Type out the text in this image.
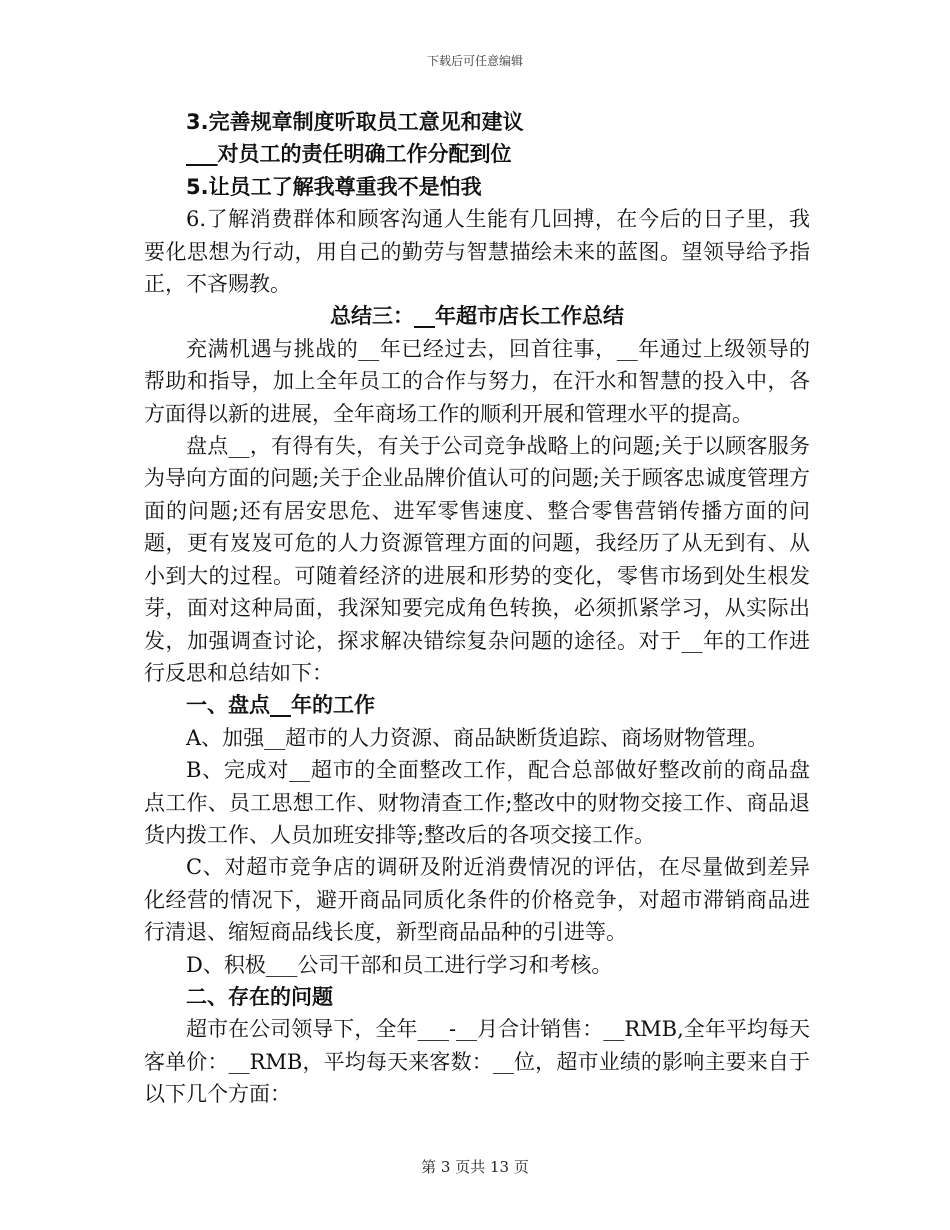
下载后可任意编辑

3.完善规章制度听取员工意见和建议

___对员工的责任明确工作分配到位

5.让员工了解我尊重我不是怕我

6.了解消费群体和顾客沟通人生能有几回搏，在今后的日子里，我要化思想为行动，用自己的勤劳与智慧描绘未来的蓝图。望领导给予指正，不吝赐教。

总结三：__年超市店长工作总结

充满机遇与挑战的__年已经过去，回首往事，__年通过上级领导的帮助和指导，加上全年员工的合作与努力，在汗水和智慧的投入中，各方面得以新的进展，全年商场工作的顺利开展和管理水平的提高。

盘点__，有得有失，有关于公司竞争战略上的问题;关于以顾客服务为导向方面的问题;关于企业品牌价值认可的问题;关于顾客忠诚度管理方面的问题;还有居安思危、进军零售速度、整合零售营销传播方面的问题，更有岌岌可危的人力资源管理方面的问题，我经历了从无到有、从小到大的过程。可随着经济的进展和形势的变化，零售市场到处生根发芽，面对这种局面，我深知要完成角色转换，必须抓紧学习，从实际出发，加强调查讨论，探求解决错综复杂问题的途径。对于__年的工作进行反思和总结如下：

一、盘点__年的工作

A、加强__超市的人力资源、商品缺断货追踪、商场财物管理。

B、完成对__超市的全面整改工作，配合总部做好整改前的商品盘点工作、员工思想工作、财物清查工作;整改中的财物交接工作、商品退货内拨工作、人员加班安排等;整改后的各项交接工作。

C、对超市竞争店的调研及附近消费情况的评估，在尽量做到差异化经营的情况下，避开商品同质化条件的价格竞争，对超市滞销商品进行清退、缩短商品线长度，新型商品品种的引进等。

D、积极___公司干部和员工进行学习和考核。

二、存在的问题

超市在公司领导下，全年___-__月合计销售：__RMB,全年平均每天客单价：__RMB，平均每天来客数：__位，超市业绩的影响主要来自于以下几个方面：

第 3 页共 13 页
